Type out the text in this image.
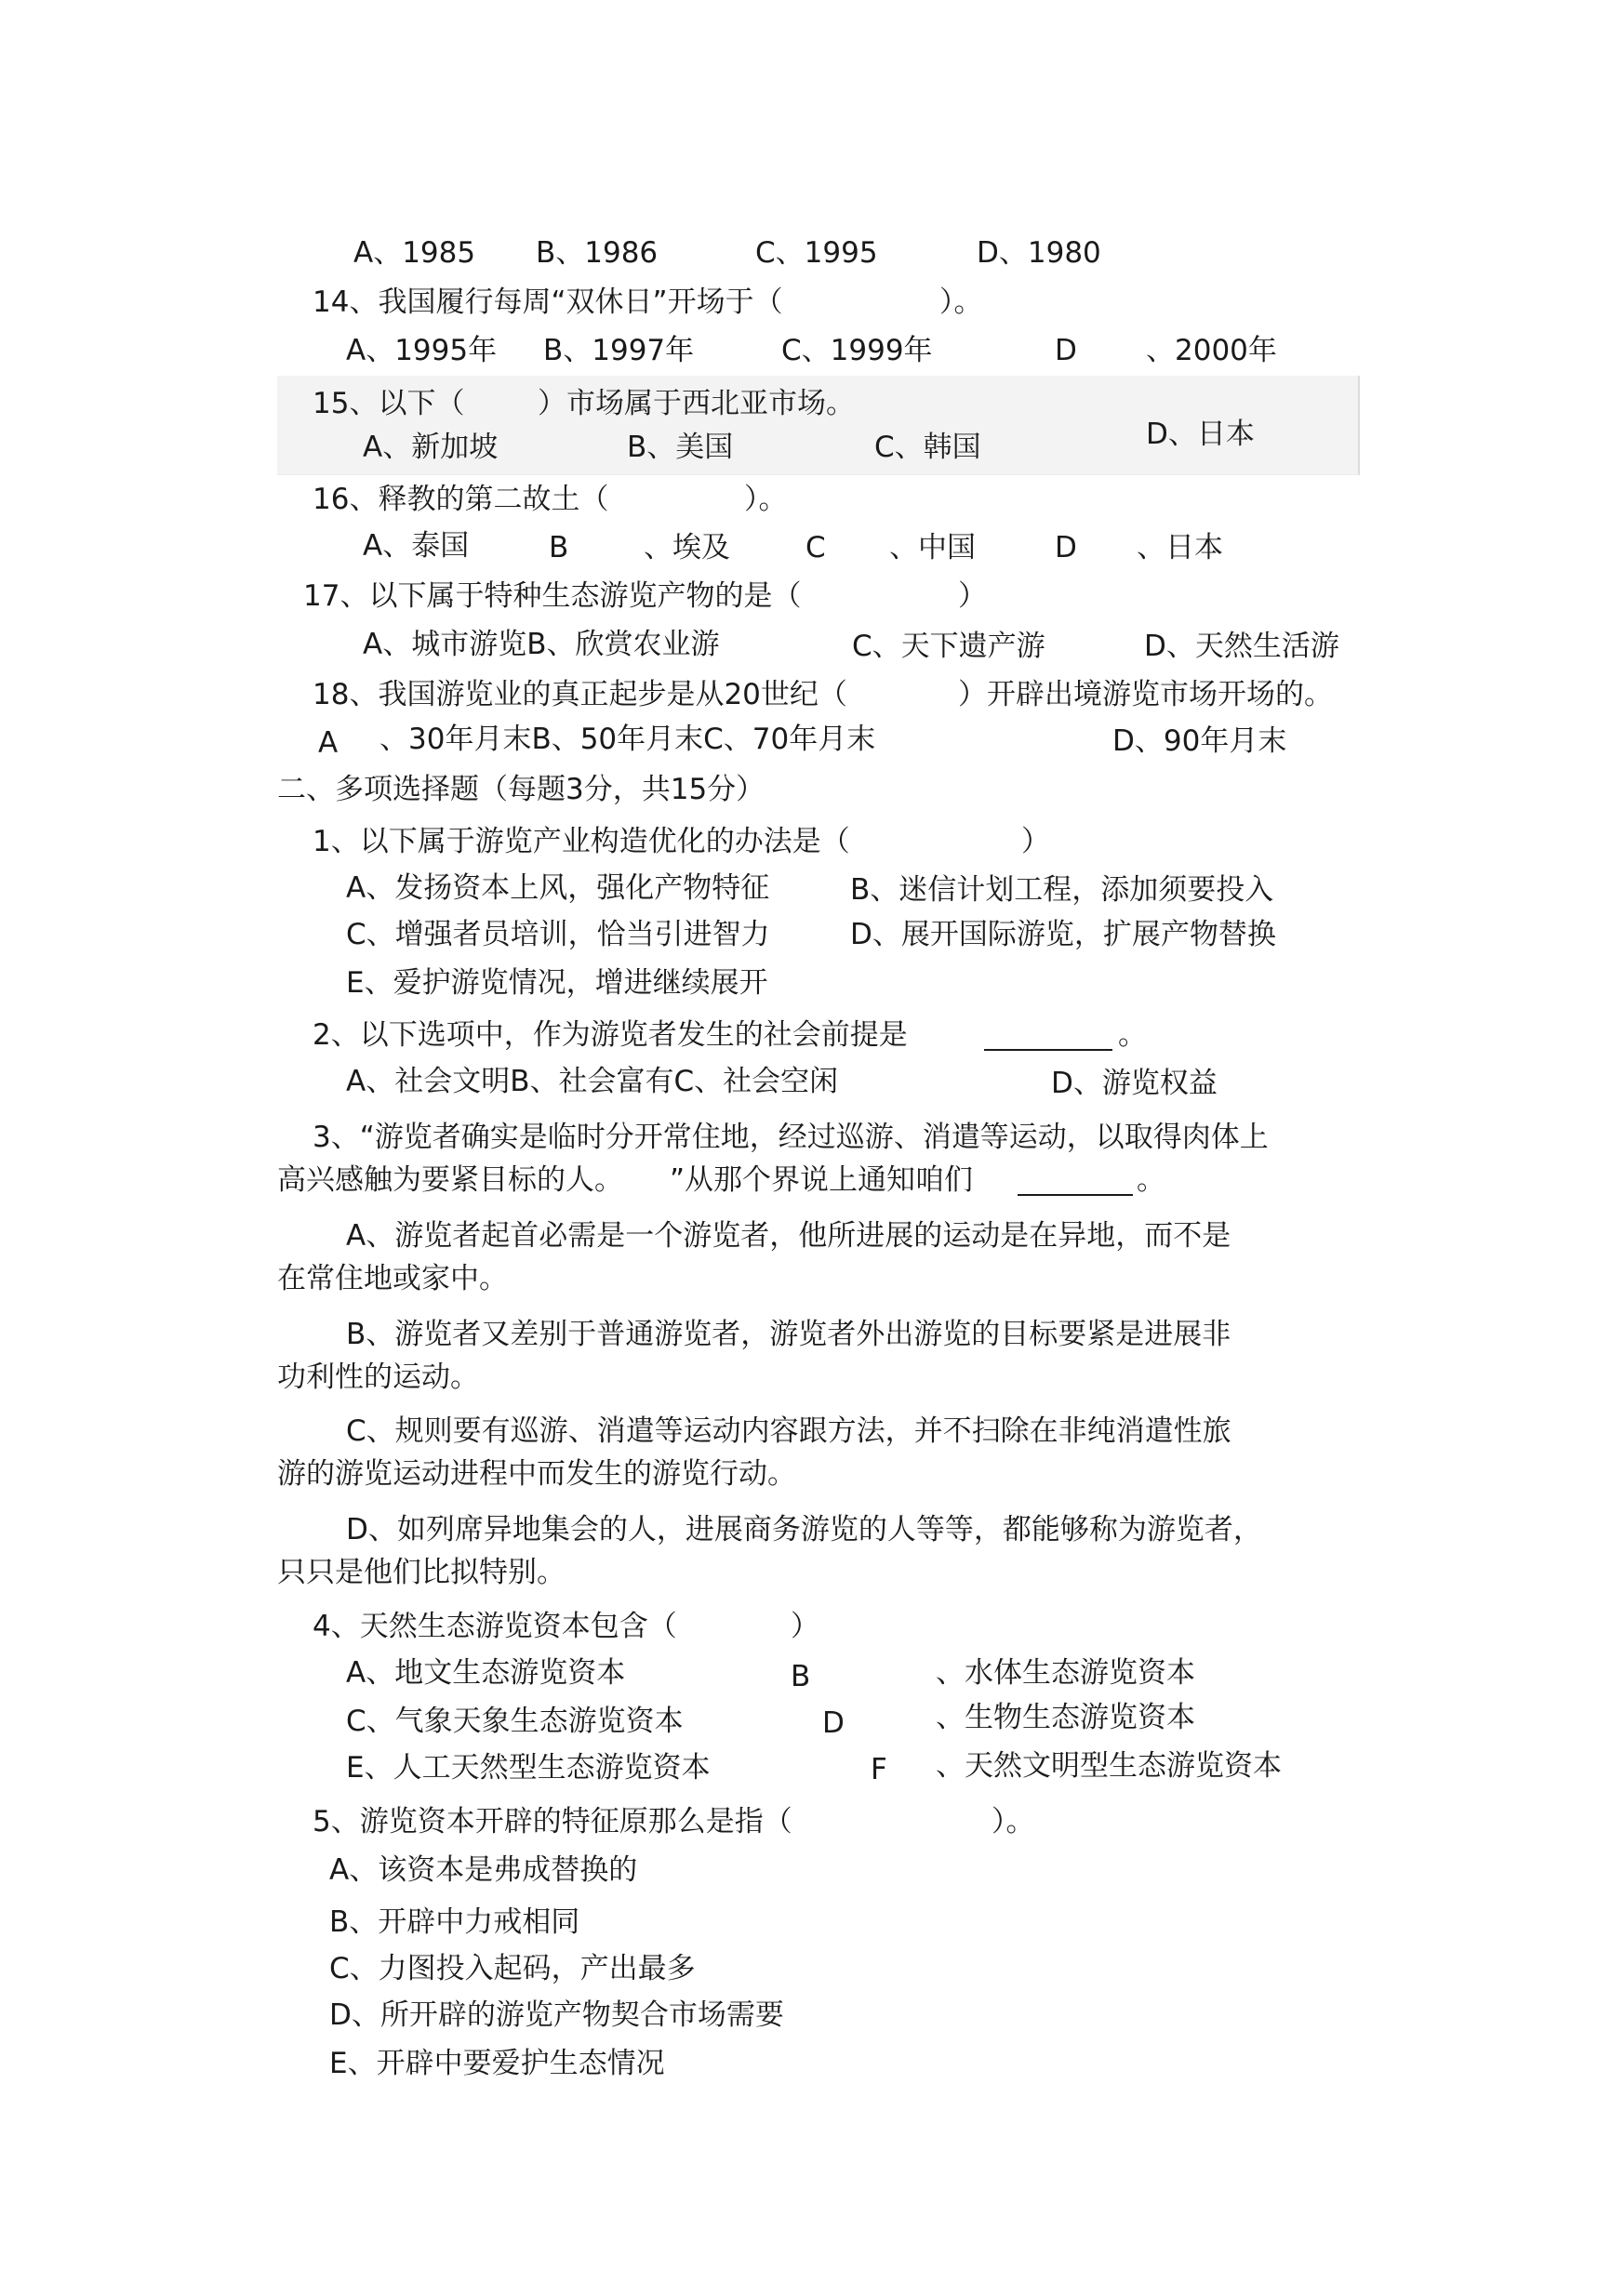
A、1985 B、1986	C、1995	D、1980
14、我国履行每周“双休日”开场于（	）。
A、1995年 B、1997年	C、1999年	D 、2000年
15、以下（	）市场属于西北亚市场。
A、新加坡	B、美国	C、韩国	D、日本
16、释教的第二故土（	）。
A、泰国	B	、埃及	C 、中国	D 、日本
17、以下属于特种生态游览产物的是（	）
A、城市游览B、欣赏农业游	C、天下遗产游	D、天然生活游
18、我国游览业的真正起步是从20世纪（	）开辟出境游览市场开场的。
A 、30年月末B、50年月末C、70年月末	D、90年月末
二、多项选择题（每题3分，共15分）
1、以下属于游览产业构造优化的办法是（	）
A、发扬资本上风，强化产物特征	B、迷信计划工程，添加须要投入
C、增强者员培训，恰当引进智力	D、展开国际游览，扩展产物替换
E、爱护游览情况，增进继续展开
2、以下选项中，作为游览者发生的社会前提是	。
A、社会文明B、社会富有C、社会空闲	D、游览权益
3、“游览者确实是临时分开常住地，经过巡游、消遣等运动，以取得肉体上
高兴感触为要紧目标的人。 ”从那个界说上通知咱们	。
A、游览者起首必需是一个游览者，他所进展的运动是在异地，而不是
在常住地或家中。
B、游览者又差别于普通游览者，游览者外出游览的目标要紧是进展非
功利性的运动。
C、规则要有巡游、消遣等运动内容跟方法，并不扫除在非纯消遣性旅
游的游览运动进程中而发生的游览行动。
D、如列席异地集会的人，进展商务游览的人等等，都能够称为游览者，
只只是他们比拟特别。
4、天然生态游览资本包含（	）
A、地文生态游览资本	B	、水体生态游览资本
C、气象天象生态游览资本	D	、生物生态游览资本
E、人工天然型生态游览资本	F 、天然文明型生态游览资本
5、游览资本开辟的特征原那么是指（	）。
A、该资本是弗成替换的
B、开辟中力戒相同
C、力图投入起码，产出最多
D、所开辟的游览产物契合市场需要
E、开辟中要爱护生态情况
